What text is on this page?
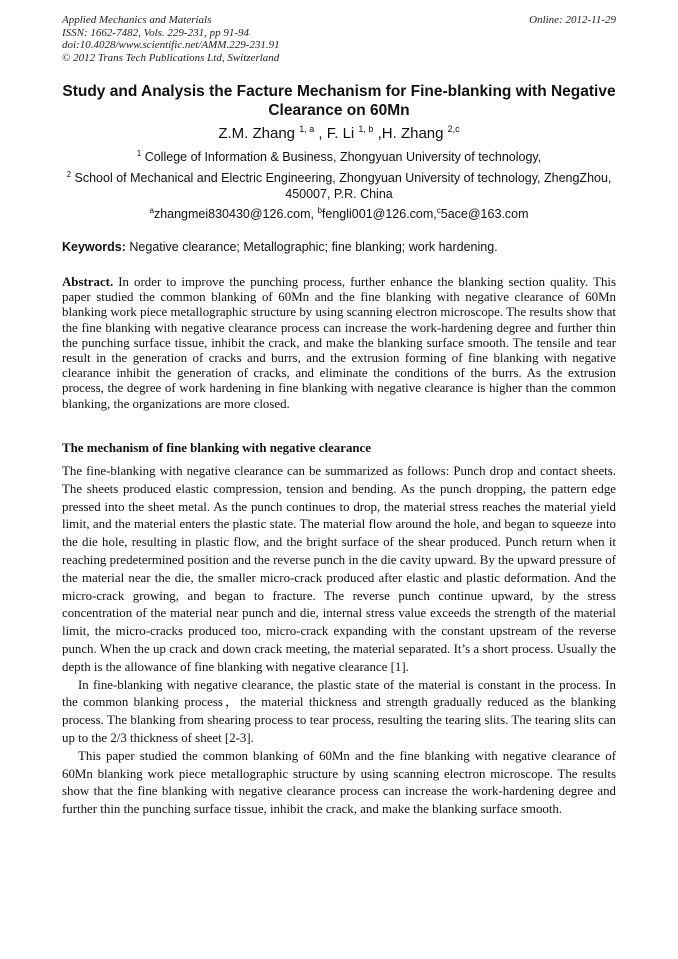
Applied Mechanics and Materials
ISSN: 1662-7482, Vols. 229-231, pp 91-94
doi:10.4028/www.scientific.net/AMM.229-231.91
© 2012 Trans Tech Publications Ltd, Switzerland
Online: 2012-11-29
Study and Analysis the Facture Mechanism for Fine-blanking with Negative Clearance on 60Mn
Z.M. Zhang $^{1, a}$ , F. Li $^{1, b}$ ,H. Zhang $^{2,c}$
$^1$ College of Information & Business, Zhongyuan University of technology,
$^2$ School of Mechanical and Electric Engineering, Zhongyuan University of technology, ZhengZhou, 450007, P.R. China
$^a$zhangmei830430@126.com, $^b$fengli001@126.com,$^c$5ace@163.com
Keywords: Negative clearance; Metallographic; fine blanking; work hardening.
Abstract. In order to improve the punching process, further enhance the blanking section quality. This paper studied the common blanking of 60Mn and the fine blanking with negative clearance of 60Mn blanking work piece metallographic structure by using scanning electron microscope. The results show that the fine blanking with negative clearance process can increase the work-hardening degree and further thin the punching surface tissue, inhibit the crack, and make the blanking surface smooth. The tensile and tear result in the generation of cracks and burrs, and the extrusion forming of fine blanking with negative clearance inhibit the generation of cracks, and eliminate the conditions of the burrs. As the extrusion process, the degree of work hardening in fine blanking with negative clearance is higher than the common blanking, the organizations are more closed.
The mechanism of fine blanking with negative clearance

The fine-blanking with negative clearance can be summarized as follows: Punch drop and contact sheets. The sheets produced elastic compression, tension and bending. As the punch dropping, the pattern edge pressed into the sheet metal. As the punch continues to drop, the material stress reaches the material yield limit, and the material enters the plastic state. The material flow around the hole, and began to squeeze into the die hole, resulting in plastic flow, and the bright surface of the shear produced. Punch return when it reaching predetermined position and the reverse punch in the die cavity upward. By the upward pressure of the material near the die, the smaller micro-crack produced after elastic and plastic deformation. And the micro-crack growing, and began to fracture. The reverse punch continue upward, by the stress concentration of the material near punch and die, internal stress value exceeds the strength of the material limit, the micro-cracks produced too, micro-crack expanding with the constant upstream of the reverse punch. When the up crack and down crack meeting, the material separated. It’s a short process. Usually the depth is the allowance of fine blanking with negative clearance [1].

In fine-blanking with negative clearance, the plastic state of the material is constant in the process. In the common blanking process，the material thickness and strength gradually reduced as the blanking process. The blanking from shearing process to tear process, resulting the tearing slits. The tearing slits can up to the 2/3 thickness of sheet [2-3].

This paper studied the common blanking of 60Mn and the fine blanking with negative clearance of 60Mn blanking work piece metallographic structure by using scanning electron microscope. The results show that the fine blanking with negative clearance process can increase the work-hardening degree and further thin the punching surface tissue, inhibit the crack, and make the blanking surface smooth.
